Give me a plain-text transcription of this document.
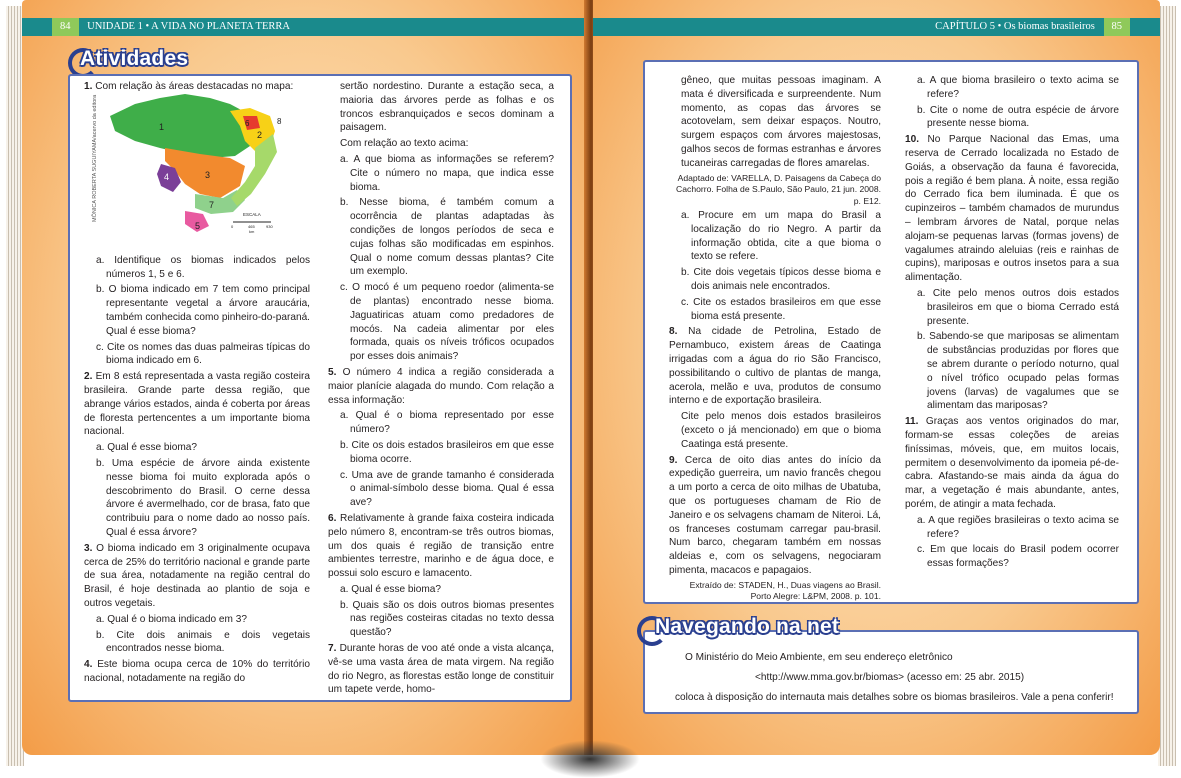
84 UNIDADE 1 • A VIDA NO PLANETA TERRA
Atividades
MÔNICA ROBERTA SUGUIYAMA/acervo da editora	1
2
3
4
5
6
7
8
ESCALA
0	465	930
km

1. Com relação às áreas destacadas no mapa:

a. Identifique os biomas indicados pelos números 1, 5 e 6.

b. O bioma indicado em 7 tem como principal representante vegetal a árvore araucária, também conhecida como pinheiro-do-paraná. Qual é esse bioma?

c. Cite os nomes das duas palmeiras típicas do bioma indicado em 6.

2. Em 8 está representada a vasta região costeira brasileira. Grande parte dessa região, que abrange vários estados, ainda é coberta por áreas de floresta pertencentes a um importante bioma nacional.

a. Qual é esse bioma?

b. Uma espécie de árvore ainda existente nesse bioma foi muito explorada após o descobrimento do Brasil. O cerne dessa árvore é avermelhado, cor de brasa, fato que contribuiu para o nome dado ao nosso país. Qual é essa árvore?

3. O bioma indicado em 3 originalmente ocupava cerca de 25% do território nacional e grande parte de sua área, notadamente na região central do Brasil, é hoje destinada ao plantio de soja e outros vegetais.

a. Qual é o bioma indicado em 3?

b. Cite dois animais e dois vegetais encontrados nesse bioma.

4. Este bioma ocupa cerca de 10% do território nacional, notadamente na região do

sertão nordestino. Durante a estação seca, a maioria das árvores perde as folhas e os troncos esbranquiçados e secos dominam a paisagem.

Com relação ao texto acima:

a. A que bioma as informações se referem? Cite o número no mapa, que indica esse bioma.

b. Nesse bioma, é também comum a ocorrência de plantas adaptadas às condições de longos períodos de seca e cujas folhas são modificadas em espinhos. Qual o nome comum dessas plantas? Cite um exemplo.

c. O mocó é um pequeno roedor (alimenta-se de plantas) encontrado nesse bioma. Jaguatiricas atuam como predadores de mocós. Na cadeia alimentar por eles formada, quais os níveis tróficos ocupados por esses dois animais?

5. O número 4 indica a região considerada a maior planície alagada do mundo. Com relação a essa informação:

a. Qual é o bioma representado por esse número?

b. Cite os dois estados brasileiros em que esse bioma ocorre.

c. Uma ave de grande tamanho é considerada o animal-símbolo desse bioma. Qual é essa ave?

6. Relativamente à grande faixa costeira indicada pelo número 8, encontram-se três outros biomas, um dos quais é região de transição entre ambientes terrestre, marinho e de água doce, e possui solo escuro e lamacento.

a. Qual é esse bioma?

b. Quais são os dois outros biomas presentes nas regiões costeiras citadas no texto dessa questão?

7. Durante horas de voo até onde a vista alcança, vê-se uma vasta área de mata virgem. Na região do rio Negro, as florestas estão longe de constituir um tapete verde, homo-

CAPÍTULO 5 • Os biomas brasileiros 85

gêneo, que muitas pessoas imaginam. A mata é diversificada e surpreendente. Num momento, as copas das árvores se acotovelam, sem deixar espaços. Noutro, surgem espaços com árvores majestosas, galhos secos de formas estranhas e árvores tucaneiras carregadas de flores amarelas.

Adaptado de: VARELLA, D. Paisagens da Cabeça do Cachorro. Folha de S.Paulo, São Paulo, 21 jun. 2008. p. E12.

a. Procure em um mapa do Brasil a localização do rio Negro. A partir da informação obtida, cite a que bioma o texto se refere.

b. Cite dois vegetais típicos desse bioma e dois animais nele encontrados.

c. Cite os estados brasileiros em que esse bioma está presente.

8. Na cidade de Petrolina, Estado de Pernambuco, existem áreas de Caatinga irrigadas com a água do rio São Francisco, possibilitando o cultivo de plantas de manga, acerola, melão e uva, produtos de consumo interno e de exportação brasileira.

Cite pelo menos dois estados brasileiros (exceto o já mencionado) em que o bioma Caatinga está presente.

9. Cerca de oito dias antes do início da expedição guerreira, um navio francês chegou a um porto a cerca de oito milhas de Ubatuba, que os portugueses chamam de Rio de Janeiro e os selvagens chamam de Niteroi. Lá, os franceses costumam carregar pau-brasil. Num barco, chegaram também em nossas aldeias e, com os selvagens, negociaram pimenta, macacos e papagaios.

Extraído de: STADEN, H., Duas viagens ao Brasil. Porto Alegre: L&PM, 2008. p. 101.

a. A que bioma brasileiro o texto acima se refere?

b. Cite o nome de outra espécie de árvore presente nesse bioma.

10. No Parque Nacional das Emas, uma reserva de Cerrado localizada no Estado de Goiás, a observação da fauna é favorecida, pois a região é bem plana. À noite, essa região do Cerrado fica bem iluminada. É que os cupinzeiros – também chamados de murundus – lembram árvores de Natal, porque nelas alojam-se pequenas larvas (formas jovens) de vagalumes atraindo aleluias (reis e rainhas de cupins), mariposas e outros insetos para a sua alimentação.

a. Cite pelo menos outros dois estados brasileiros em que o bioma Cerrado está presente.

b. Sabendo-se que mariposas se alimentam de substâncias produzidas por flores que se abrem durante o período noturno, qual o nível trófico ocupado pelas formas jovens (larvas) de vagalumes que se alimentam das mariposas?

11. Graças aos ventos originados do mar, formam-se essas coleções de areias finíssimas, móveis, que, em muitos locais, permitem o desenvolvimento da ipomeia pé-de-cabra. Afastando-se mais ainda da água do mar, a vegetação é mais abundante, antes, porém, de atingir a mata fechada.

a. A que regiões brasileiras o texto acima se refere?

c. Em que locais do Brasil podem ocorrer essas formações?

O Ministério do Meio Ambiente, em seu endereço eletrônico
<http://www.mma.gov.br/biomas> (acesso em: 25 abr. 2015)
coloca à disposição do internauta mais detalhes sobre os biomas brasileiros. Vale a pena conferir!
Navegando na net
